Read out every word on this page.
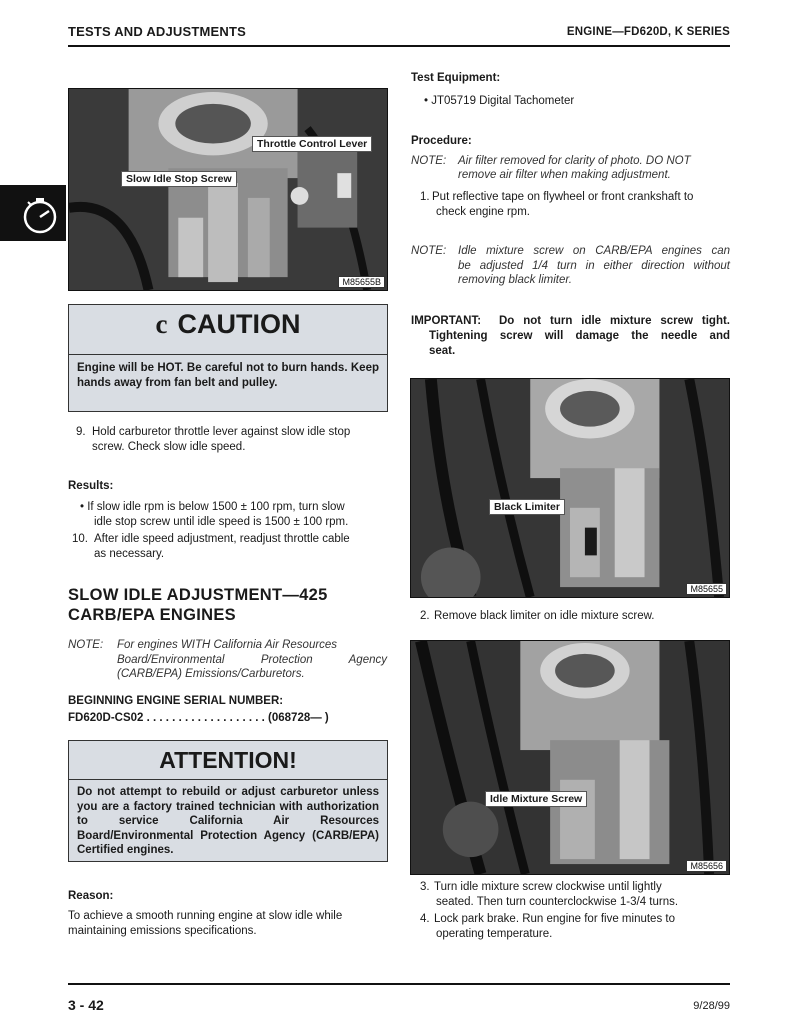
TESTS AND ADJUSTMENTS	ENGINE—FD620D, K SERIES
Throttle Control Lever
Slow Idle Stop Screw
M85655B
c CAUTION
Engine will be HOT. Be careful not to burn hands. Keep hands away from fan belt and pulley.
9. Hold carburetor throttle lever against slow idle stop
screw. Check slow idle speed.
Results:
• If slow idle rpm is below 1500 ± 100 rpm, turn slow
idle stop screw until idle speed is 1500 ± 100 rpm.
10. After idle speed adjustment, readjust throttle cable
as necessary.
SLOW IDLE ADJUSTMENT—425
CARB/EPA ENGINES
NOTE: For engines WITH California Air Resources
Board/Environmental Protection Agency
(CARB/EPA) Emissions/Carburetors.
BEGINNING ENGINE SERIAL NUMBER:
FD620D-CS02 . . . . . . . . . . . . . . . . . . . (068728— )
ATTENTION!
Do not attempt to rebuild or adjust carburetor unless you are a factory trained technician with authorization to service California Air Resources Board/Environmental Protection Agency (CARB/EPA) Certified engines.
Reason:
To achieve a smooth running engine at slow idle while
maintaining emissions specifications.
Test Equipment:
• JT05719 Digital Tachometer
Procedure:
NOTE: Air filter removed for clarity of photo. DO NOT
remove air filter when making adjustment.
1. Put reflective tape on flywheel or front crankshaft to
check engine rpm.
NOTE: Idle mixture screw on CARB/EPA engines can
be adjusted 1/4 turn in either direction without
removing black limiter.
IMPORTANT: Do not turn idle mixture screw tight.
Tightening screw will damage the needle and
seat.
Black Limiter
M85655
2. Remove black limiter on idle mixture screw.
Idle Mixture Screw
M85656
3. Turn idle mixture screw clockwise until lightly
seated. Then turn counterclockwise 1-3/4 turns.
4. Lock park brake. Run engine for five minutes to
operating temperature.
3 - 42	9/28/99
